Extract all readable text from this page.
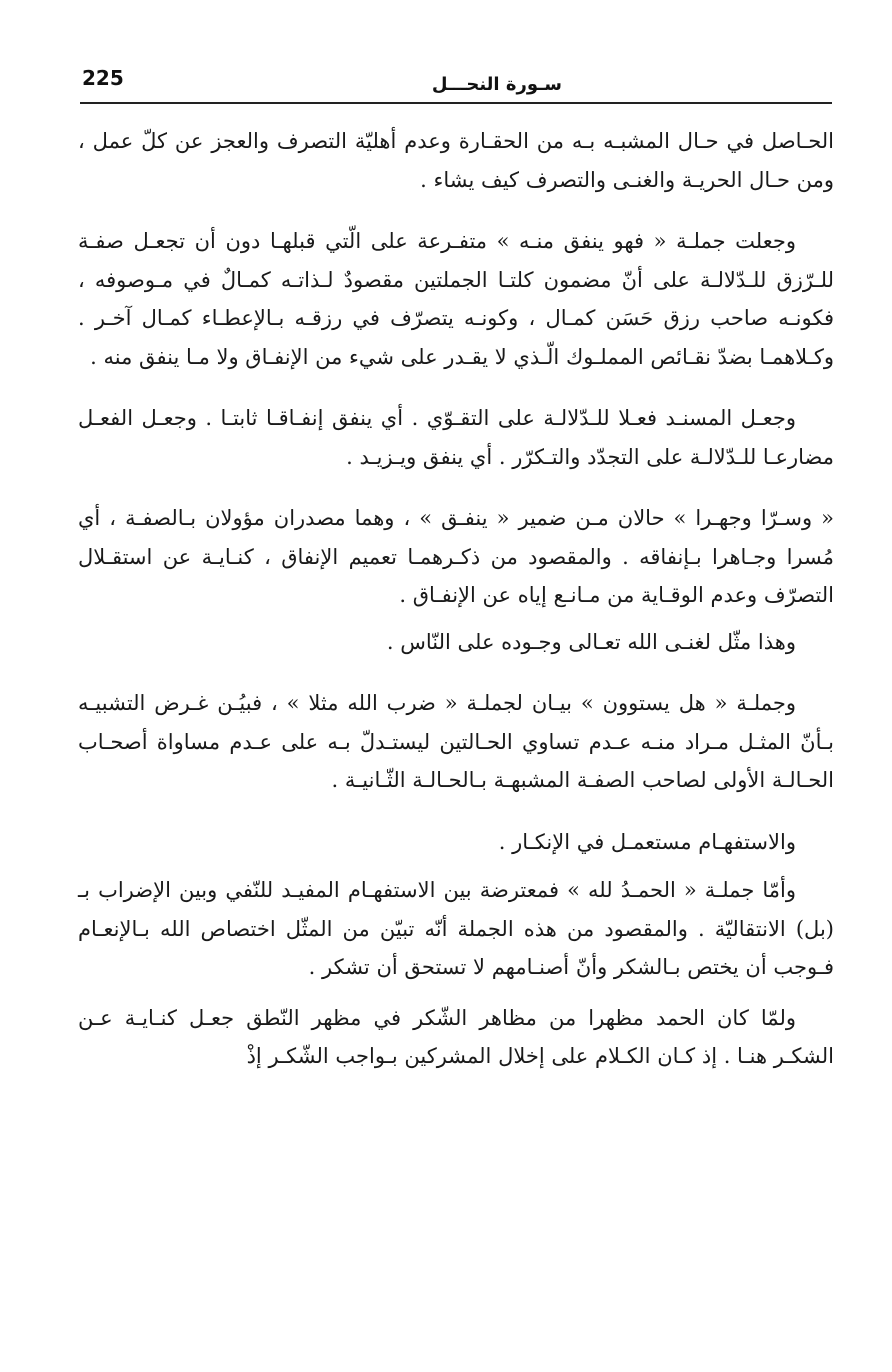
225	سـورة النحـــل

الحـاصل في حـال المشبـه بـه من الحقـارة وعدم أهليّة التصرف والعجز عن كلّ عمل ، ومن حـال الحريـة والغنـى والتصرف كيف يشاء .

وجعلت جملـة « فهو ينفق منـه » متفـرعة على الّتي قبلهـا دون أن تجعـل صفـة للـرّزق للـدّلالـة على أنّ مضمون كلتـا الجملتين مقصودٌ لـذاتـه كمـالٌ في مـوصوفه ، فكونـه صاحب رزق حَسَن كمـال ، وكونـه يتصرّف في رزقـه بـالإعطـاء كمـال آخـر . وكـلاهمـا بضدّ نقـائص المملـوك الّـذي لا يقـدر على شيء من الإنفـاق ولا مـا ينفق منه .

وجعـل المسنـد فعـلا للـدّلالـة على التقـوّي . أي ينفق إنفـاقـا ثابتـا . وجعـل الفعـل مضارعـا للـدّلالـة على التجدّد والتـكرّر . أي ينفق ويـزيـد .

« وسـرّا وجهـرا » حالان مـن ضمير « ينفـق » ، وهما مصدران مؤولان بـالصفـة ، أي مُسرا وجـاهرا بـإنفاقه . والمقصود من ذكـرهمـا تعميم الإنفاق ، كنـايـة عن استقـلال التصرّف وعدم الوقـاية من مـانـع إياه عن الإنفـاق .

وهذا مثّل لغنـى الله تعـالى وجـوده على النّاس .

وجملـة « هل يستوون » بيـان لجملـة « ضرب الله مثلا » ، فبيُـن غـرض التشبيـه بـأنّ المثـل مـراد منـه عـدم تساوي الحـالتين ليستـدلّ بـه على عـدم مساواة أصحـاب الحـالـة الأولى لصاحب الصفـة المشبهـة بـالحـالـة الثّـانيـة .

والاستفهـام مستعمـل في الإنكـار .

وأمّا جملـة « الحمـدُ لله » فمعترضة بين الاستفهـام المفيـد للنّفي وبين الإضراب بـ (بل) الانتقاليّة . والمقصود من هذه الجملة أنّه تبيّن من المثّل اختصاص الله بـالإنعـام فـوجب أن يختص بـالشكر وأنّ أصنـامهم لا تستحق أن تشكر .

ولمّا كان الحمد مظهرا من مظاهر الشّكر في مظهر النّطق جعـل كنـايـة عـن الشكـر هنـا . إذ كـان الكـلام على إخلال المشركين بـواجب الشّكـر إذْ
